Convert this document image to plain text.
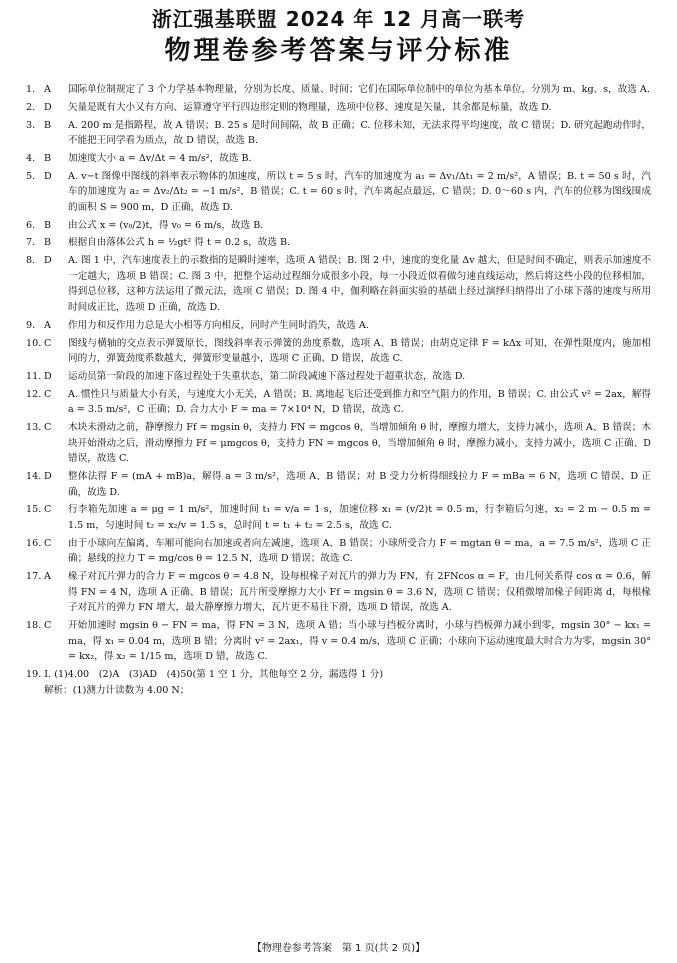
浙江强基联盟 2024 年 12 月高一联考
物理卷参考答案与评分标准
1. A	国际单位制规定了 3 个力学基本物理量，分别为长度、质量、时间；它们在国际单位制中的单位为基本单位，分别为 m、kg、s，故选 A.
2. D	矢量是既有大小又有方向、运算遵守平行四边形定则的物理量，选项中位移、速度是矢量，其余都是标量，故选 D.
3. B	A. 200 m 是指路程，故 A 错误；B. 25 s 是时间间隔，故 B 正确；C. 位移未知，无法求得平均速度，故 C 错误；D. 研究起跑动作时，不能把王同学看为质点，故 D 错误，故选 B.
4. B	加速度大小 a = Δv/Δt = 4 m/s²，故选 B.
5. D	A. v−t 图像中图线的斜率表示物体的加速度，所以 t = 5 s 时，汽车的加速度为 a₁ = Δv₁/Δt₁ = 2 m/s²，A 错误；B. t = 50 s 时，汽车的加速度为 a₂ = Δv₂/Δt₂ = −1 m/s²，B 错误；C. t = 60 s 时，汽车离起点最远，C 错误；D. 0～60 s 内，汽车的位移为图线围成的面积 S = 900 m，D 正确，故选 D.
6. B	由公式 x = (v₀/2)t，得 v₀ = 6 m/s，故选 B.
7. B	根据自由落体公式 h = ½gt² 得 t = 0.2 s，故选 B.
8. D	A. 图 1 中，汽车速度表上的示数指的是瞬时速率，选项 A 错误；B. 图 2 中，速度的变化量 Δv 越大，但是时间不确定，则表示加速度不一定越大，选项 B 错误；C. 图 3 中，把整个运动过程细分成很多小段，每一小段近似看做匀速直线运动，然后将这些小段的位移相加，得到总位移，这种方法运用了微元法，选项 C 错误；D. 图 4 中，伽利略在斜面实验的基础上经过演绎归纳得出了小球下落的速度与所用时间成正比，选项 D 正确，故选 D.
9. A	作用力和反作用力总是大小相等方向相反，同时产生同时消失，故选 A.
10. C	图线与横轴的交点表示弹簧原长，图线斜率表示弹簧的劲度系数，选项 A、B 错误；由胡克定律 F = kΔx 可知，在弹性限度内，施加相同的力，弹簧劲度系数越大，弹簧形变量越小，选项 C 正确、D 错误，故选 C.
11. D	运动员第一阶段的加速下落过程处于失重状态，第二阶段减速下落过程处于超重状态，故选 D.
12. C	A. 惯性只与质量大小有关，与速度大小无关，A 错误；B. 离地起飞后还受到推力和空气阻力的作用，B 错误；C. 由公式 v² = 2ax，解得 a = 3.5 m/s²，C 正确；D. 合力大小 F = ma = 7×10⁴ N，D 错误，故选 C.
13. C	木块未滑动之前，静摩擦力 Ff = mgsin θ，支持力 FN = mgcos θ，当增加倾角 θ 时，摩擦力增大，支持力减小，选项 A、B 错误；木块开始滑动之后，滑动摩擦力 Ff = μmgcos θ，支持力 FN = mgcos θ，当增加倾角 θ 时，摩擦力减小，支持力减小，选项 C 正确、D 错误，故选 C.
14. D	整体法得 F = (mA + mB)a，解得 a = 3 m/s²，选项 A、B 错误；对 B 受力分析得细线拉力 F = mBa = 6 N，选项 C 错误、D 正确，故选 D.
15. C	行李箱先加速 a = μg = 1 m/s²，加速时间 t₁ = v/a = 1 s，加速位移 x₁ = (v/2)t = 0.5 m，行李箱后匀速，x₂ = 2 m − 0.5 m = 1.5 m，匀速时间 t₂ = x₂/v = 1.5 s，总时间 t = t₁ + t₂ = 2.5 s，故选 C.
16. C	由于小球向左偏离，车厢可能向右加速或者向左减速，选项 A、B 错误；小球所受合力 F = mgtan θ = ma，a = 7.5 m/s²，选项 C 正确；悬线的拉力 T = mg/cos θ = 12.5 N，选项 D 错误；故选 C.
17. A	椽子对瓦片弹力的合力 F = mgcos θ = 4.8 N，设每根椽子对瓦片的弹力为 FN，有 2FNcos α = F，由几何关系得 cos α = 0.6，解得 FN = 4 N，选项 A 正确、B 错误；瓦片所受摩擦力大小 Ff = mgsin θ = 3.6 N，选项 C 错误；仅稍微增加椽子间距离 d，每根椽子对瓦片的弹力 FN 增大，最大静摩擦力增大，瓦片更不易往下滑，选项 D 错误，故选 A.
18. C	开始加速时 mgsin θ − FN = ma，得 FN = 3 N，选项 A 错；当小球与挡板分离时，小球与挡板弹力减小到零，mgsin 30° − kx₁ = ma，得 x₁ = 0.04 m，选项 B 错；分离时 v² = 2ax₁，得 v = 0.4 m/s，选项 C 正确；小球向下运动速度最大时合力为零，mgsin 30° = kx₂，得 x₂ = 1/15 m，选项 D 错，故选 C.
19. Ⅰ. (1)4.00　(2)A　(3)AD　(4)50(第 1 空 1 分，其他每空 2 分，漏选得 1 分)
解析：(1)测力计读数为 4.00 N；
【物理卷参考答案　第 1 页(共 2 页)】
